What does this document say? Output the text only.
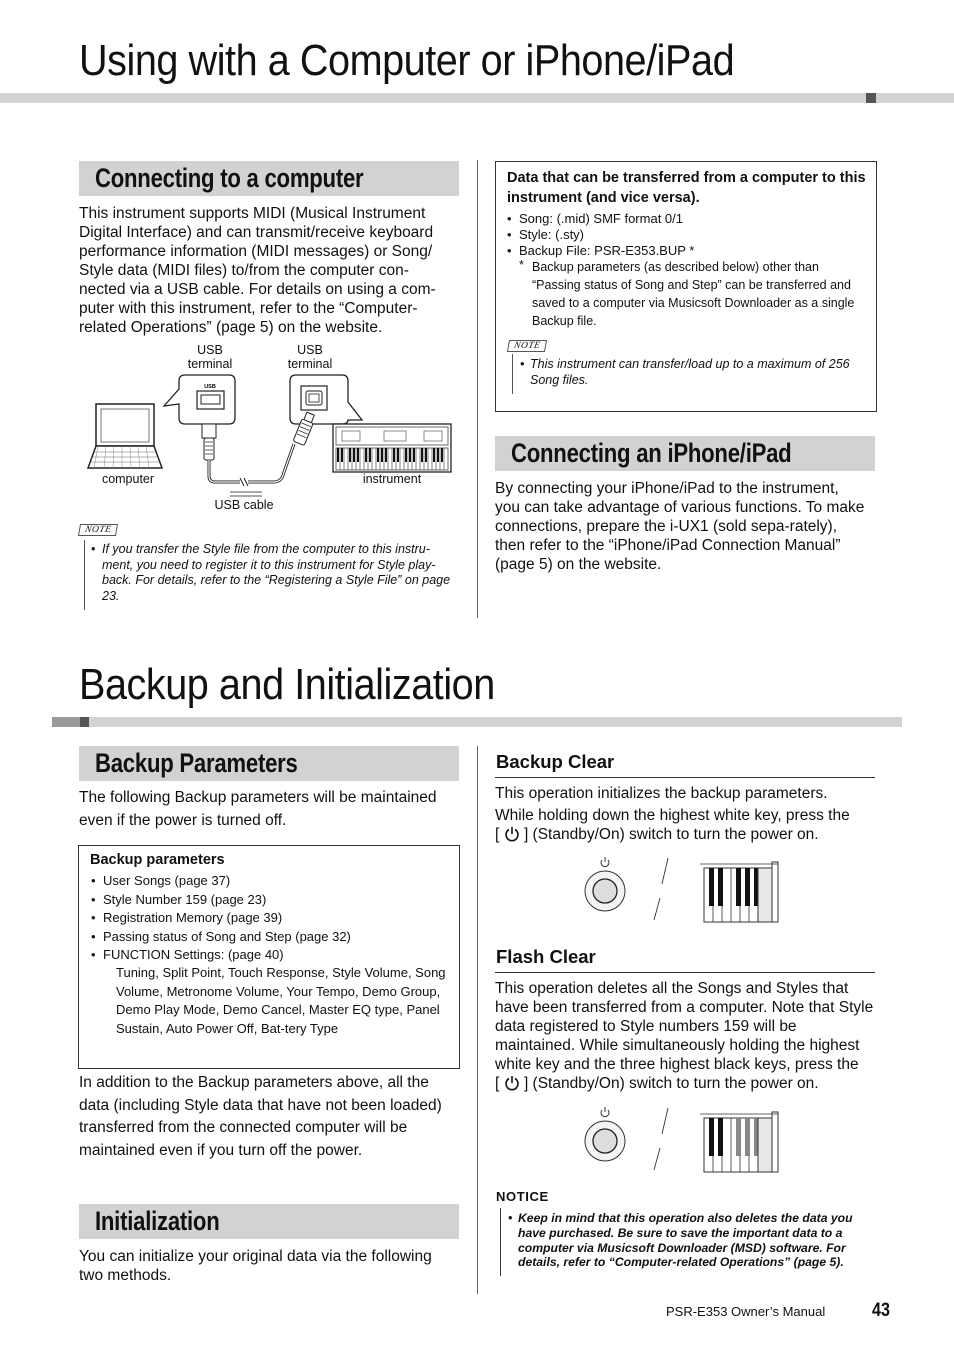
Using with a Computer or iPhone/iPad
Connecting to a computer
This instrument supports MIDI (Musical Instrument Digital Interface) and can transmit/receive keyboard performance information (MIDI messages) or Song/ Style data (MIDI files) to/from the computer con-nected via a USB cable. For details on using a com-puter with this instrument, refer to the “Computer-related Operations” (page 5) on the website.
USB terminal
USB terminal
USB
computer	instrument
USB cable
NOTE
• If you transfer the Style file from the computer to this instru-ment, you need to register it to this instrument for Style play-back. For details, refer to the “Registering a Style File” on page 23.
Data that can be transferred from a computer to this instrument (and vice versa).
• Song: (.mid) SMF format 0/1
• Style: (.sty)
• Backup File: PSR-E353.BUP *
* Backup parameters (as described below) other than “Passing status of Song and Step” can be transferred and saved to a computer via Musicsoft Downloader as a single Backup file.
NOTE
• This instrument can transfer/load up to a maximum of 256 Song files.
Connecting an iPhone/iPad
By connecting your iPhone/iPad to the instrument, you can take advantage of various functions. To make connections, prepare the i-UX1 (sold sepa-rately), then refer to the “iPhone/iPad Connection Manual” (page 5) on the website.
Backup and Initialization
Backup Parameters
The following Backup parameters will be maintained even if the power is turned off.
Backup parameters
• User Songs (page 37)
• Style Number 159 (page 23)
• Registration Memory (page 39)
• Passing status of Song and Step (page 32)
• FUNCTION Settings: (page 40)
Tuning, Split Point, Touch Response, Style Volume, Song Volume, Metronome Volume, Your Tempo, Demo Group, Demo Play Mode, Demo Cancel, Master EQ type, Panel Sustain, Auto Power Off, Bat-tery Type
In addition to the Backup parameters above, all the data (including Style data that have not been loaded) transferred from the connected computer will be maintained even if you turn off the power.
Initialization
You can initialize your original data via the following two methods.
Backup Clear
This operation initializes the backup parameters.
While holding down the highest white key, press the
[ ] (Standby/On) switch to turn the power on.
Flash Clear
This operation deletes all the Songs and Styles that have been transferred from a computer. Note that Style data registered to Style numbers 159 will be maintained. While simultaneously holding the highest white key and the three highest black keys, press the
[ ] (Standby/On) switch to turn the power on.
NOTICE
• Keep in mind that this operation also deletes the data you have purchased. Be sure to save the important data to a computer via Musicsoft Downloader (MSD) software. For details, refer to “Computer-related Operations” (page 5).
PSR-E353 Owner’s Manual 43
